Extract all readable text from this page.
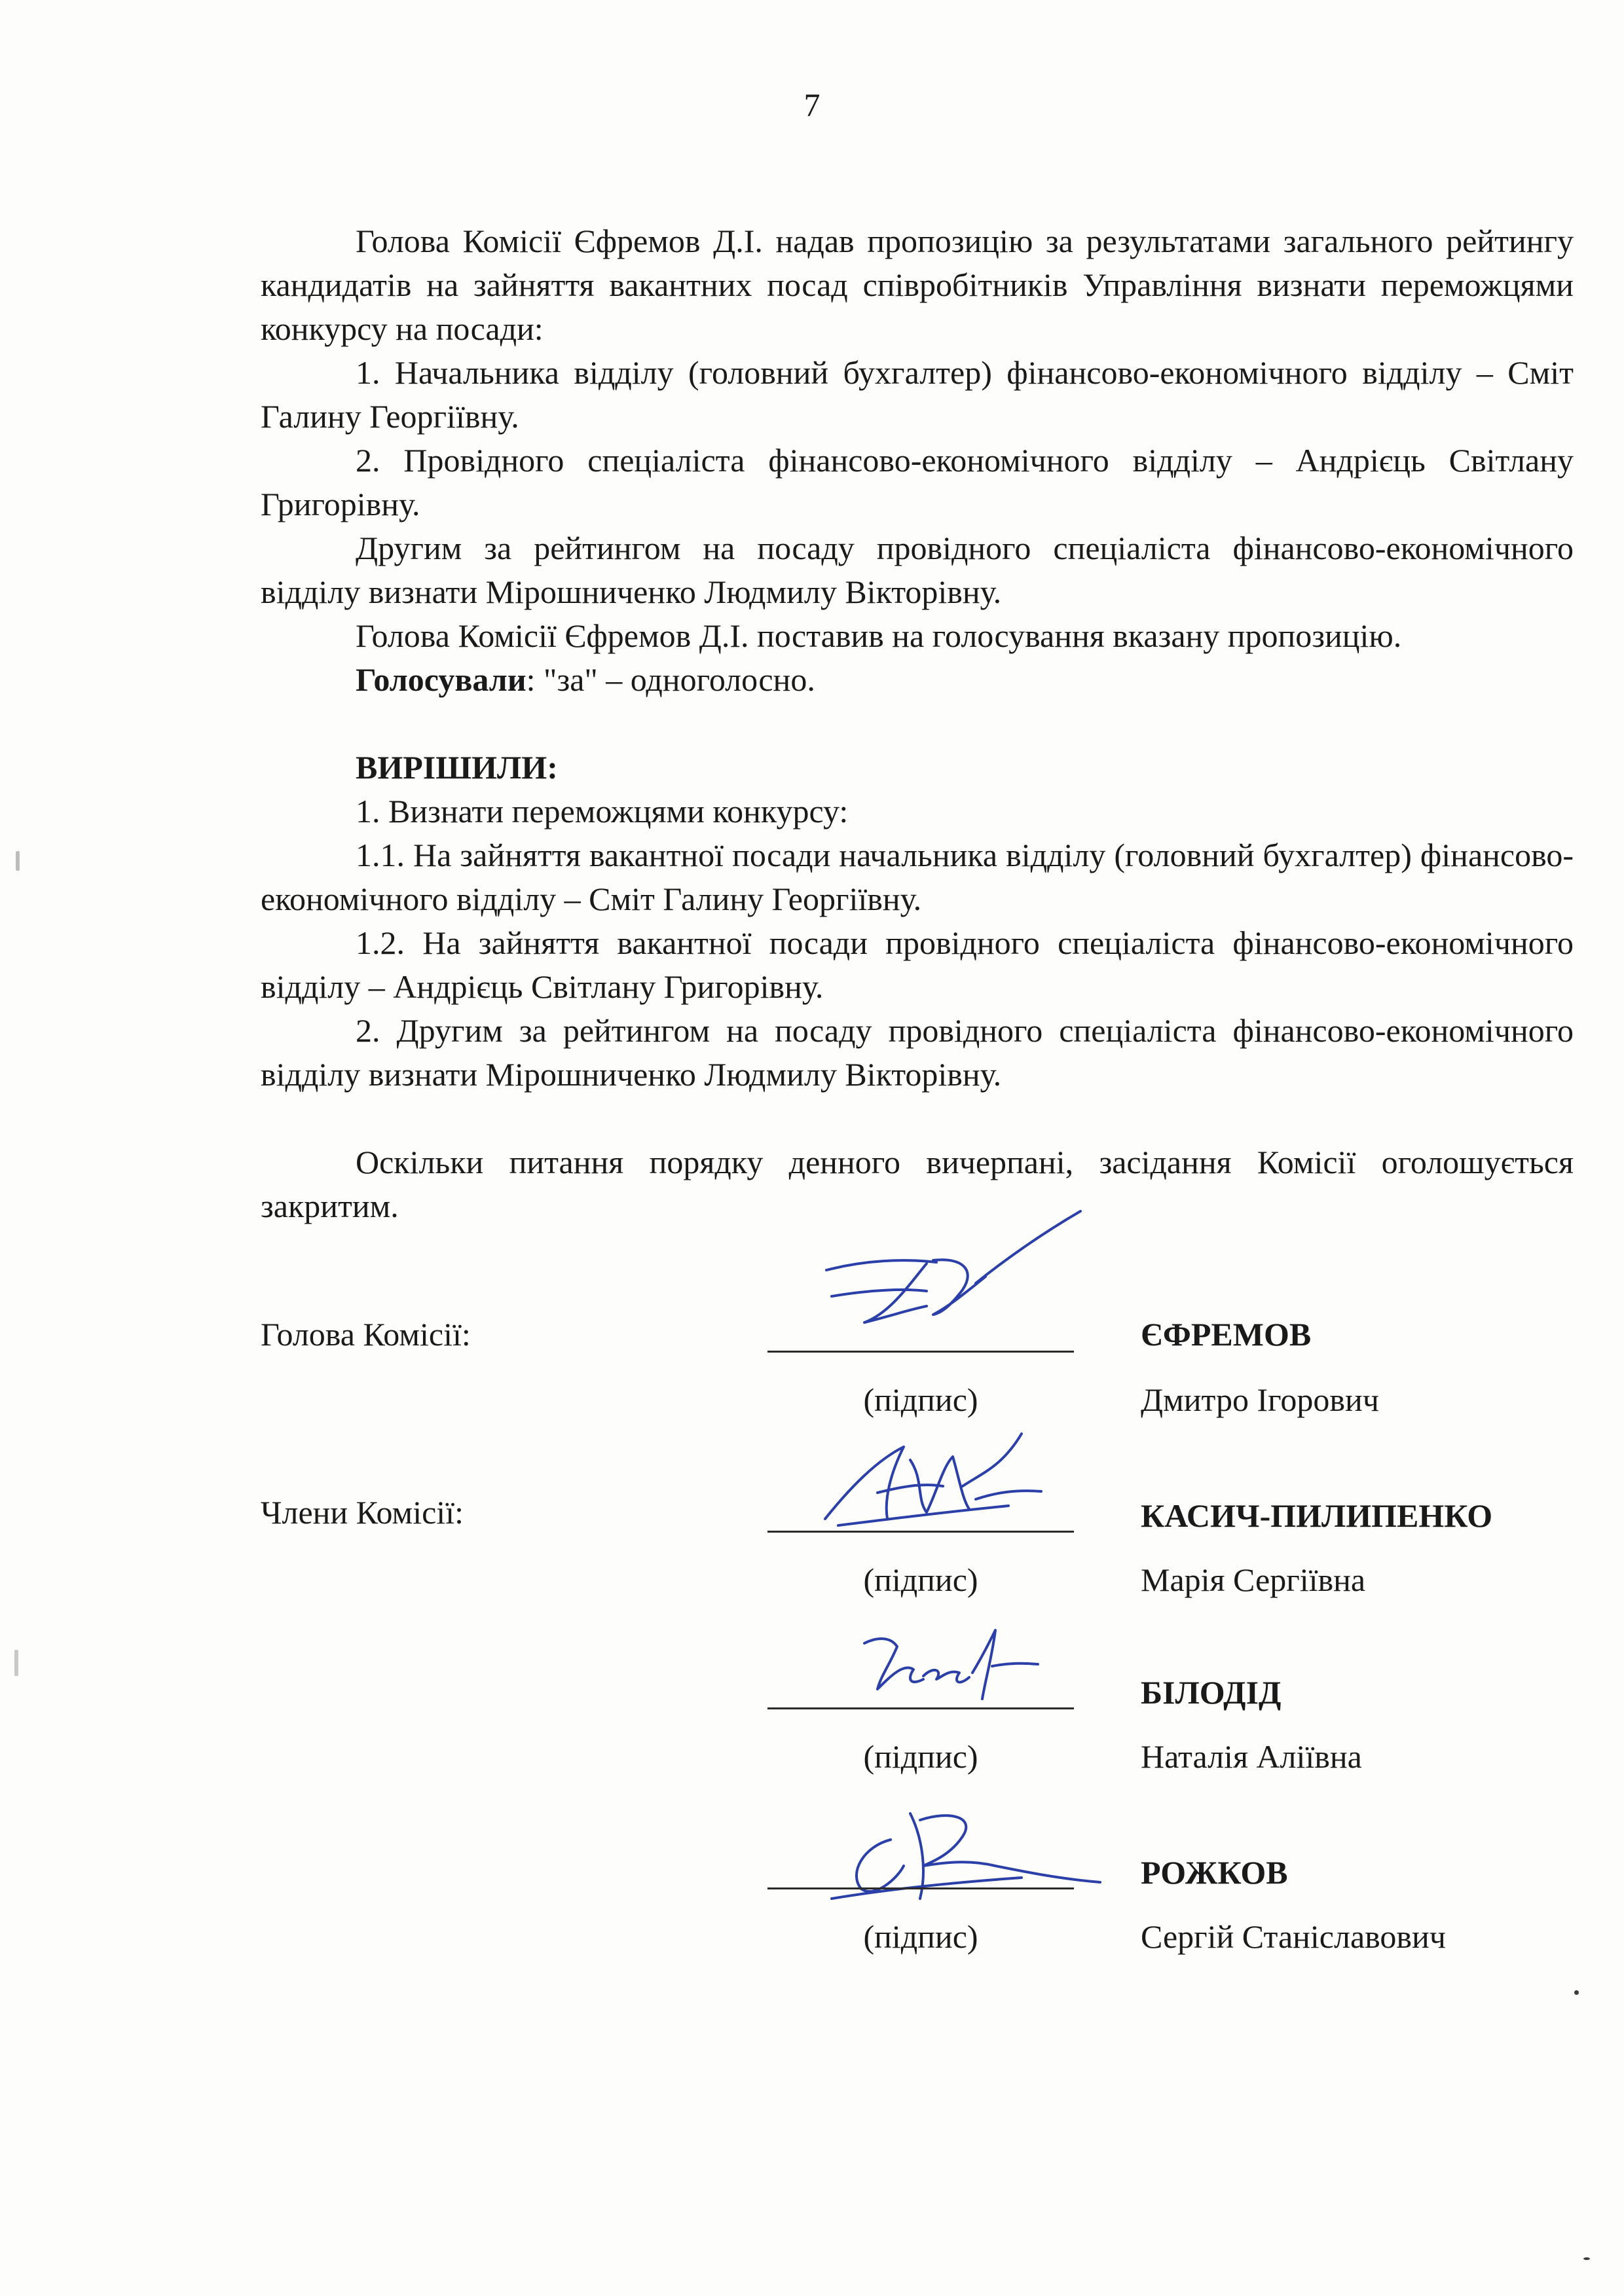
7

Голова Комісії Єфремов Д.І. надав пропозицію за результатами загального рейтингу кандидатів на зайняття вакантних посад співробітників Управління визнати переможцями конкурсу на посади:

1. Начальника відділу (головний бухгалтер) фінансово-економічного відділу – Сміт Галину Георгіївну.

2. Провідного спеціаліста фінансово-економічного відділу – Андрієць Світлану Григорівну.

Другим за рейтингом на посаду провідного спеціаліста фінансово-економічного відділу визнати Мірошниченко Людмилу Вікторівну.

Голова Комісії Єфремов Д.І. поставив на голосування вказану пропозицію.

Голосували: "за" – одноголосно.

ВИРІШИЛИ:

1. Визнати переможцями конкурсу:

1.1. На зайняття вакантної посади начальника відділу (головний бухгалтер) фінансово-економічного відділу – Сміт Галину Георгіївну.

1.2. На зайняття вакантної посади провідного спеціаліста фінансово-економічного відділу – Андрієць Світлану Григорівну.

2. Другим за рейтингом на посаду провідного спеціаліста фінансово-економічного відділу визнати Мірошниченко Людмилу Вікторівну.

Оскільки питання порядку денного вичерпані, засідання Комісії оголошується закритим.

Голова Комісії:
(підпис)
ЄФРЕМОВ
Дмитро Ігорович
Члени Комісії:
(підпис)
КАСИЧ-ПИЛИПЕНКО
Марія Сергіївна
(підпис)
БІЛОДІД
Наталія Аліївна
(підпис)
РОЖКОВ
Сергій Станіславович
